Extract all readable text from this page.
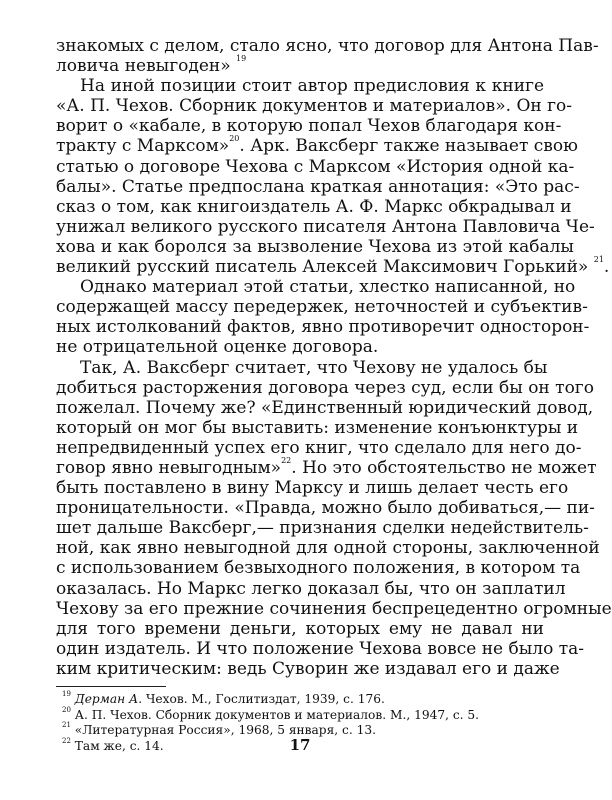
знакомых с делом, стало ясно, что договор для Антона Пав-
ловича невыгоден» $^{19}$
На иной позиции стоит автор предисловия к книге
«А. П. Чехов. Сборник документов и материалов». Он го-
ворит о «кабале, в которую попал Чехов благодаря кон-
тракту с Марксом»$^{20}$. Арк. Ваксберг также называет свою
статью о договоре Чехова с Марксом «История одной ка-
балы». Статье предпослана краткая аннотация: «Это рас-
сказ о том, как книгоиздатель А. Ф. Маркс обкрадывал и
унижал великого русского писателя Антона Павловича Че-
хова и как боролся за вызволение Чехова из этой кабалы
великий русский писатель Алексей Максимович Горький» $^{21}$.
Однако материал этой статьи, хлестко написанной, но
содержащей массу передержек, неточностей и субъектив-
ных истолкований фактов, явно противоречит односторон-
не отрицательной оценке договора.
Так, А. Ваксберг считает, что Чехову не удалось бы
добиться расторжения договора через суд, если бы он того
пожелал. Почему же? «Единственный юридический довод,
который он мог бы выставить: изменение конъюнктуры и
непредвиденный успех его книг, что сделало для него до-
говор явно невыгодным»$^{22}$. Но это обстоятельство не может
быть поставлено в вину Марксу и лишь делает честь его
проницательности. «Правда, можно было добиваться,— пи-
шет дальше Ваксберг,— признания сделки недействитель-
ной, как явно невыгодной для одной стороны, заключенной
с использованием безвыходного положения, в котором та
оказалась. Но Маркс легко доказал бы, что он заплатил
Чехову за его прежние сочинения беспрецедентно огромные
для того времени деньги, которых ему не давал ни
один издатель. И что положение Чехова вовсе не было та-
ким критическим: ведь Суворин же издавал его и даже
$^{19}$ Дерман А. Чехов. М., Гослитиздат, 1939, с. 176.
$^{20}$ А. П. Чехов. Сборник документов и материалов. М., 1947, с. 5.
$^{21}$ «Литературная Россия», 1968, 5 января, с. 13.
$^{22}$ Там же, с. 14.	17
